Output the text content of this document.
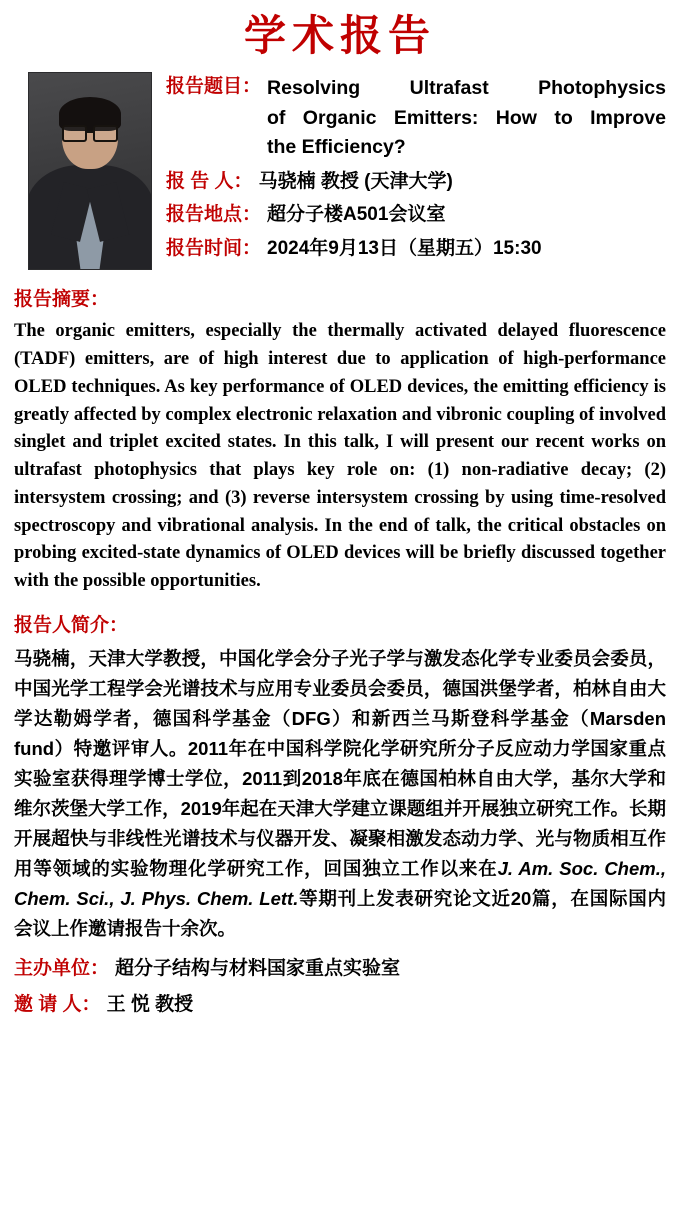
学术报告
报告题目： Resolving  Ultrafast  Photophysics
of Organic Emitters: How to Improve
the Efficiency?
报 告 人： 马骁楠 教授 (天津大学)
报告地点： 超分子楼A501会议室
报告时间： 2024年9月13日（星期五）15:30
报告摘要：

The organic emitters, especially the thermally activated delayed fluorescence (TADF) emitters, are of high interest due to application of high-performance OLED techniques. As key performance of OLED devices, the emitting efficiency is greatly affected by complex electronic relaxation and vibronic coupling of involved singlet and triplet excited states. In this talk, I will present our recent works on ultrafast photophysics that plays key role on: (1) non-radiative decay; (2) intersystem crossing; and (3) reverse intersystem crossing by using time-resolved spectroscopy and vibrational analysis. In the end of talk, the critical obstacles on probing excited-state dynamics of OLED devices will be briefly discussed together with the possible opportunities.

报告人简介：

马骁楠，天津大学教授，中国化学会分子光子学与激发态化学专业委员会委员，中国光学工程学会光谱技术与应用专业委员会委员，德国洪堡学者，柏林自由大学达勒姆学者，德国科学基金（DFG）和新西兰马斯登科学基金（Marsden fund）特邀评审人。2011年在中国科学院化学研究所分子反应动力学国家重点实验室获得理学博士学位，2011到2018年底在德国柏林自由大学，基尔大学和维尔茨堡大学工作，2019年起在天津大学建立课题组并开展独立研究工作。长期开展超快与非线性光谱技术与仪器开发、凝聚相激发态动力学、光与物质相互作用等领域的实验物理化学研究工作，回国独立工作以来在J. Am. Soc. Chem., Chem. Sci., J. Phys. Chem. Lett.等期刊上发表研究论文近20篇，在国际国内会议上作邀请报告十余次。

主办单位： 超分子结构与材料国家重点实验室
邀 请 人： 王 悦 教授
